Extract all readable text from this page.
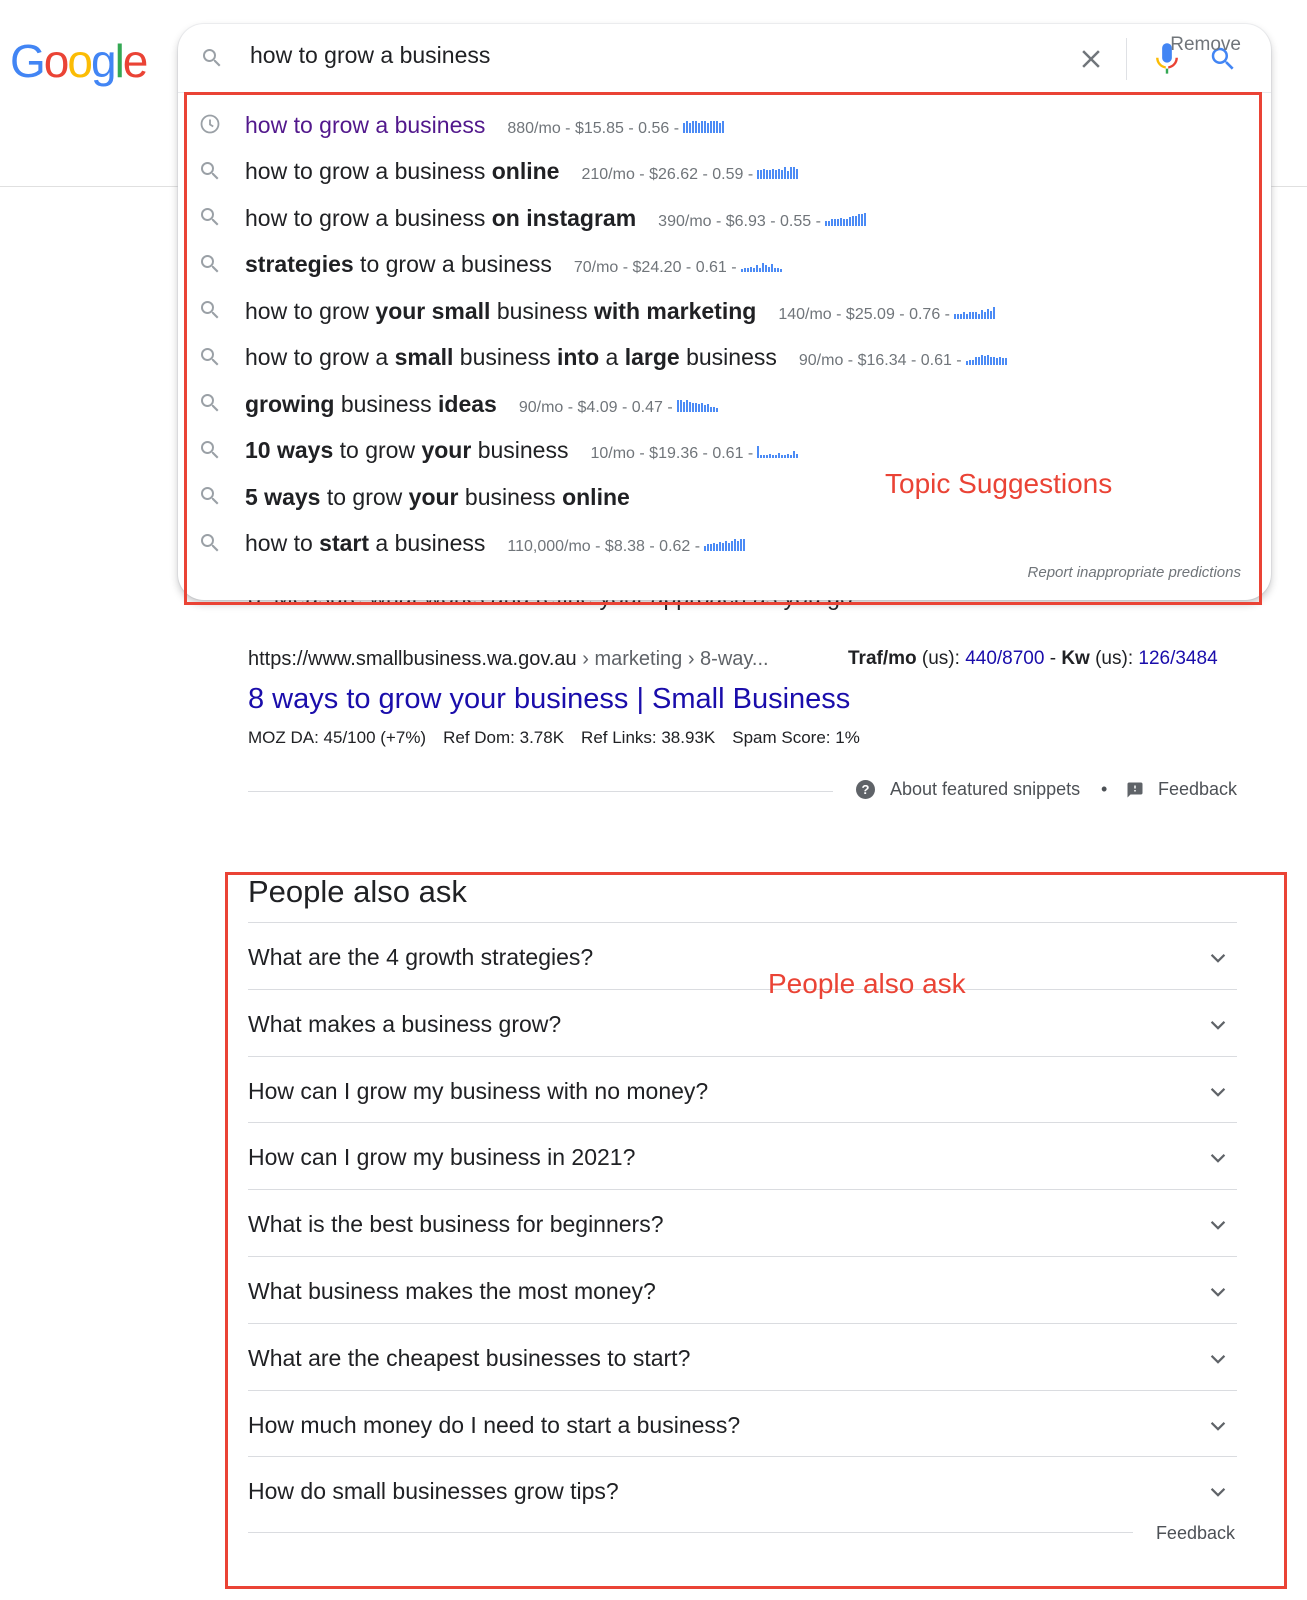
Google
how to grow a business
how to grow a business 880/mo - $15.85 - 0.56 -
how to grow a business online 210/mo - $26.62 - 0.59 -
how to grow a business on instagram 390/mo - $6.93 - 0.55 -
strategies to grow a business 70/mo - $24.20 - 0.61 -
how to grow your small business with marketing 140/mo - $25.09 - 0.76 -
how to grow a small business into a large business 90/mo - $16.34 - 0.61 -
growing business ideas 90/mo - $4.09 - 0.47 -
10 ways to grow your business 10/mo - $19.36 - 0.61 -
5 ways to grow your business online
how to start a business 110,000/mo - $8.38 - 0.62 -
Remove
Report inappropriate predictions
Topic Suggestions
https://www.smallbusiness.wa.gov.au › marketing › 8-way...	Traf/mo (us): 440/8700 - Kw (us): 126/3484
8 ways to grow your business | Small Business
MOZ DA: 45/100 (+7%) Ref Dom: 3.78K Ref Links: 38.93K Spam Score: 1%
?	About featured snippets •	Feedback
People also ask
What are the 4 growth strategies?
What makes a business grow?
How can I grow my business with no money?
How can I grow my business in 2021?
What is the best business for beginners?
What business makes the most money?
What are the cheapest businesses to start?
How much money do I need to start a business?
How do small businesses grow tips?
Feedback
People also ask
